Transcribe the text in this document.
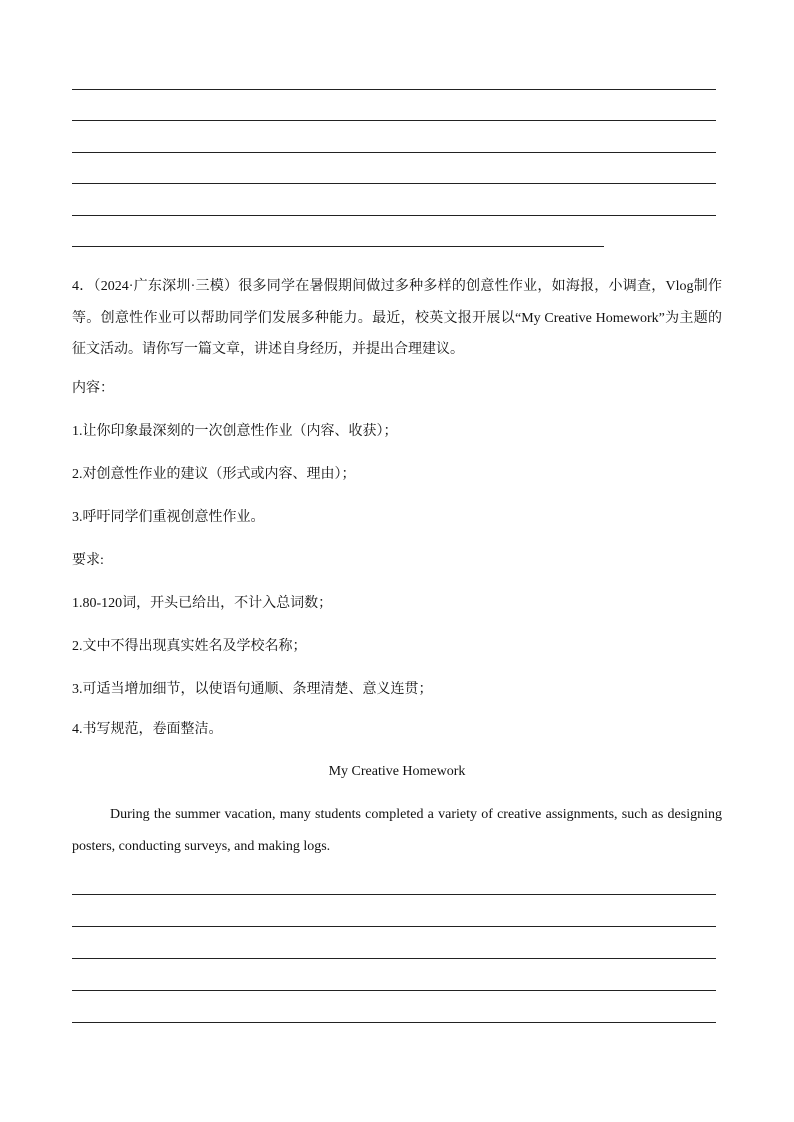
4．（2024·广东深圳·三模）很多同学在暑假期间做过多种多样的创意性作业，如海报，小调查，Vlog制作等。创意性作业可以帮助同学们发展多种能力。最近，校英文报开展以“My Creative Homework”为主题的征文活动。请你写一篇文章，讲述自身经历，并提出合理建议。
内容：
1.让你印象最深刻的一次创意性作业（内容、收获）；
2.对创意性作业的建议（形式或内容、理由）；
3.呼吁同学们重视创意性作业。
要求:
1.80-120词，开头已给出，不计入总词数；
2.文中不得出现真实姓名及学校名称；
3.可适当增加细节，以使语句通顺、条理清楚、意义连贯；
4.书写规范，卷面整洁。
My Creative Homework
During the summer vacation, many students completed a variety of creative assignments, such as designing posters, conducting surveys, and making logs.
